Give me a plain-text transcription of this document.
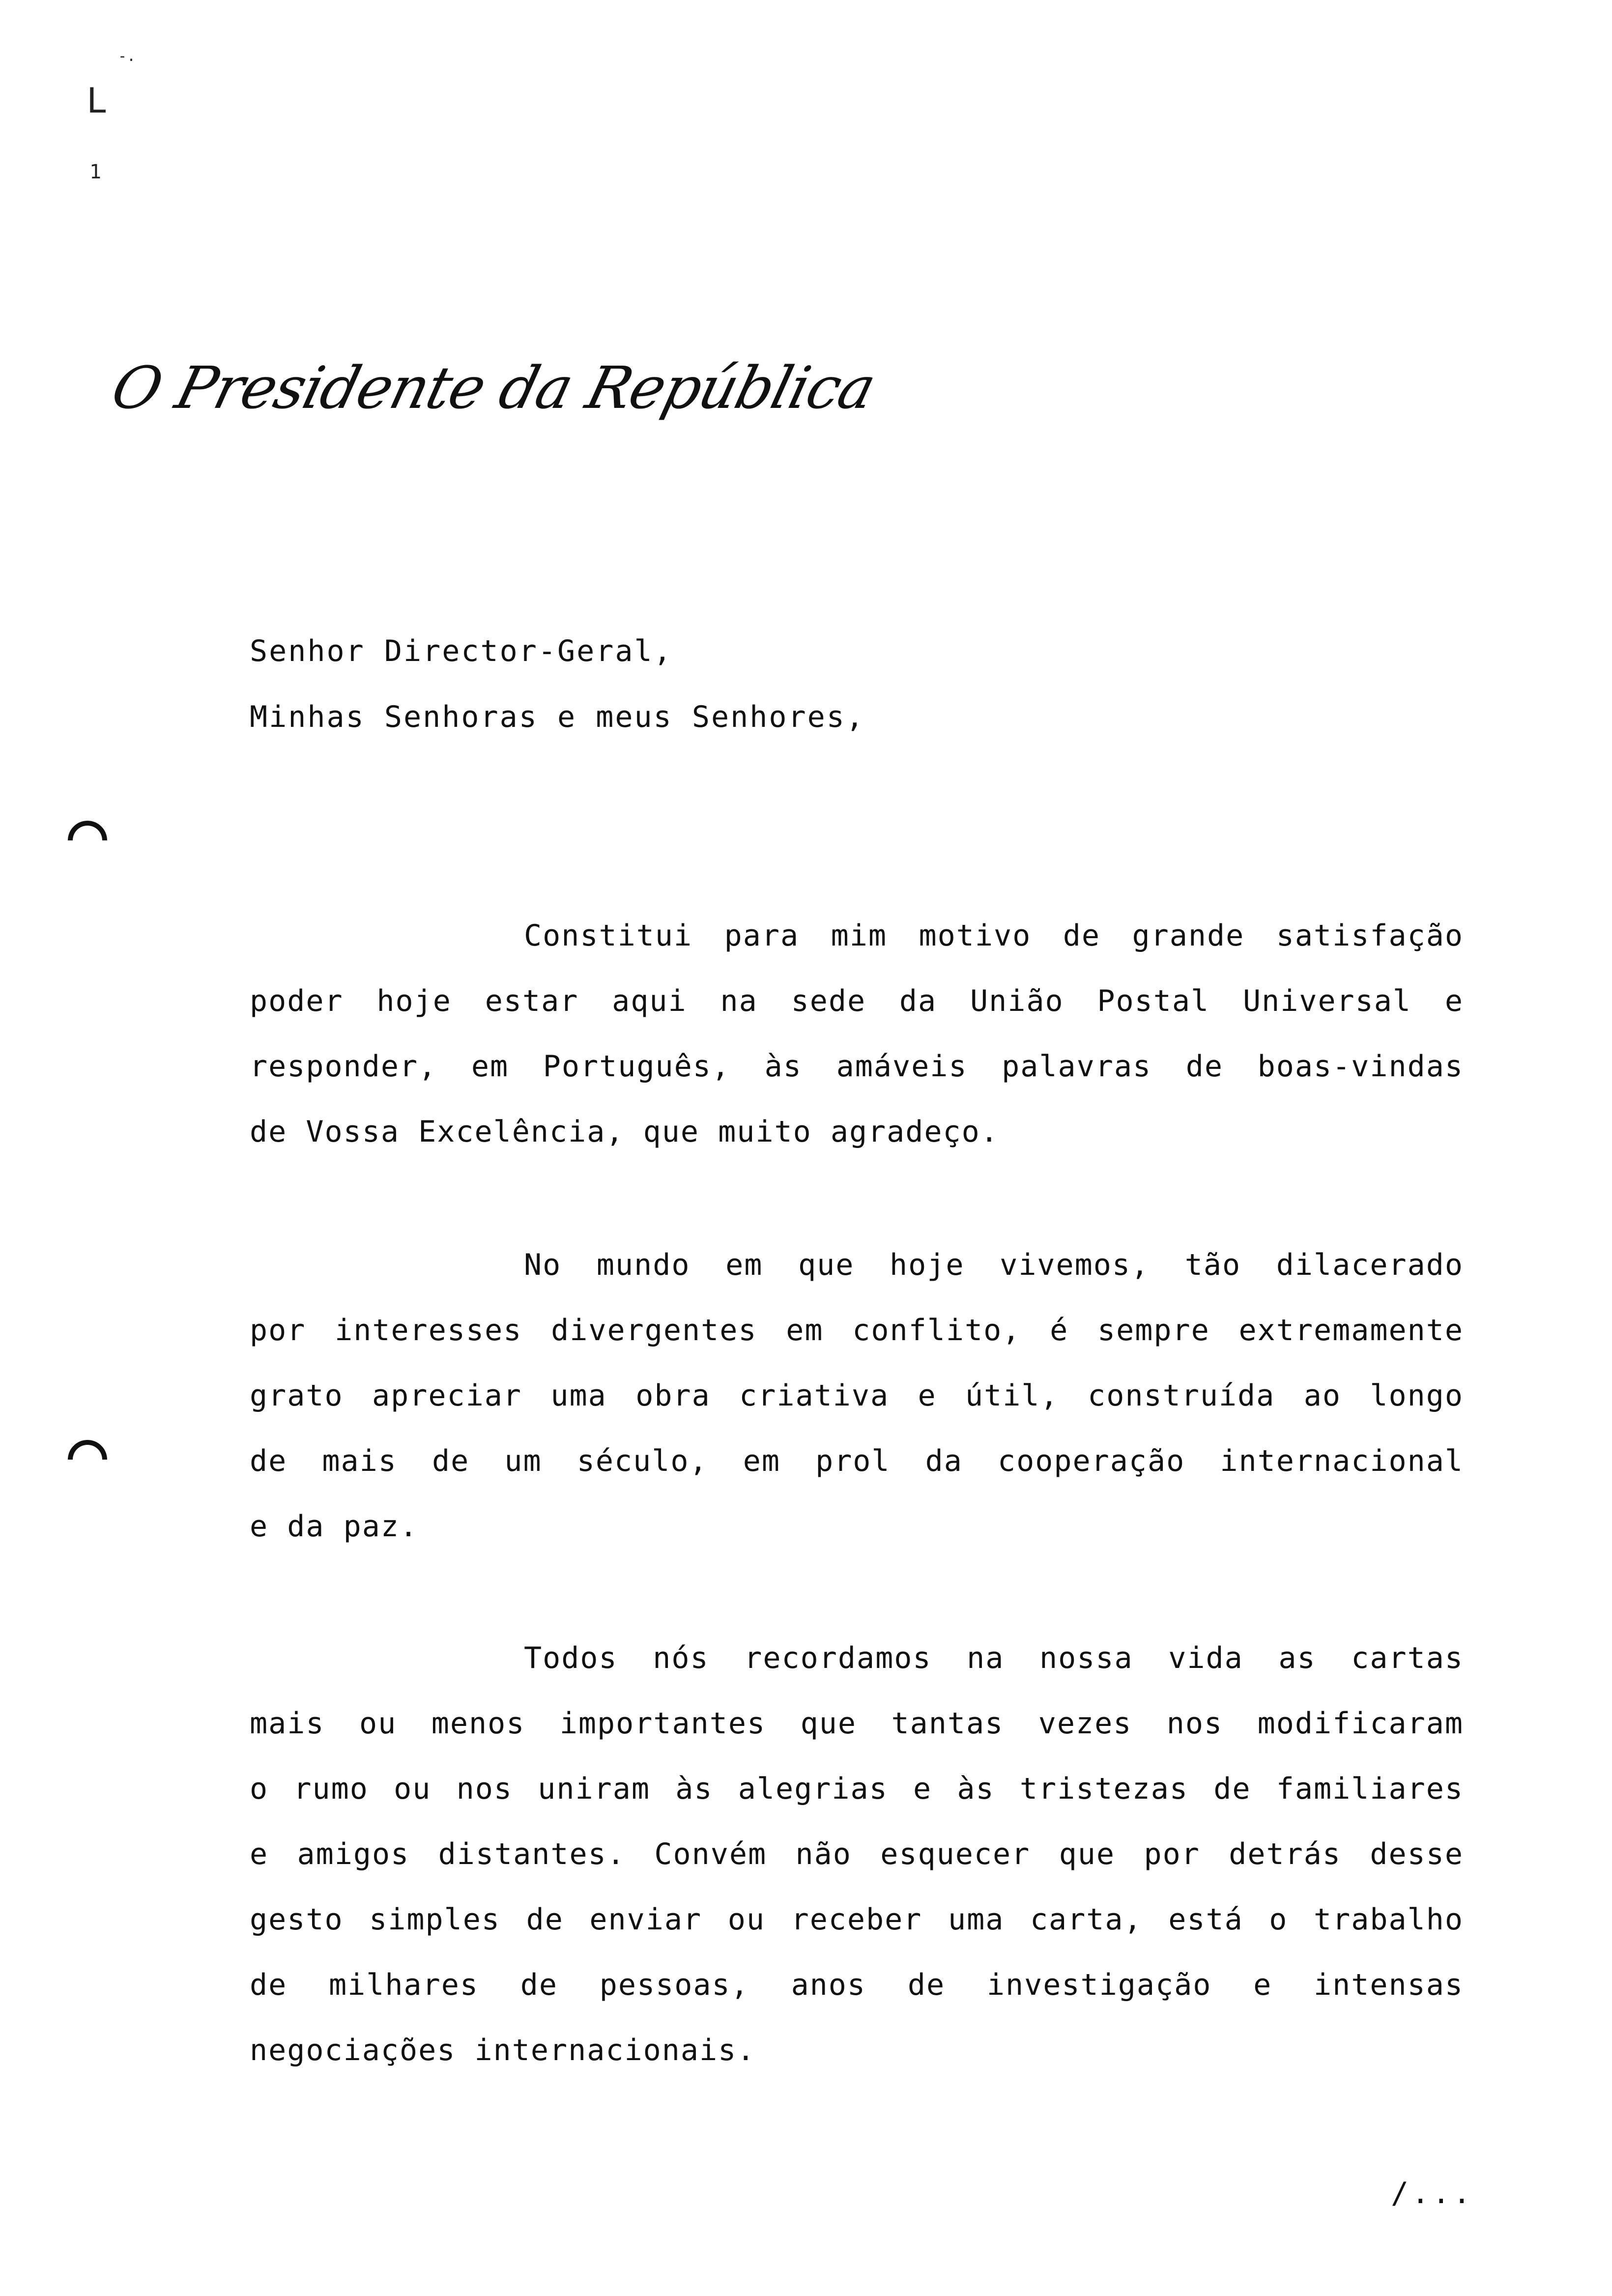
-.
L
1
O Presidente da República

Senhor Director-Geral,

Minhas Senhoras e meus Senhores,

Constitui para mim motivo de grande satisfação

poder hoje estar aqui na sede da União Postal Universal e

responder, em Português, às amáveis palavras de boas-vindas

de Vossa Excelência, que muito agradeço.

No mundo em que hoje vivemos, tão dilacerado

por interesses divergentes em conflito, é sempre extremamente

grato apreciar uma obra criativa e útil, construída ao longo

de mais de um século, em prol da cooperação internacional

e da paz.

Todos nós recordamos na nossa vida as cartas

mais ou menos importantes que tantas vezes nos modificaram

o rumo ou nos uniram às alegrias e às tristezas de familiares

e amigos distantes. Convém não esquecer que por detrás desse

gesto simples de enviar ou receber uma carta, está o trabalho

de milhares de pessoas, anos de investigação e intensas

negociações internacionais.

/...
